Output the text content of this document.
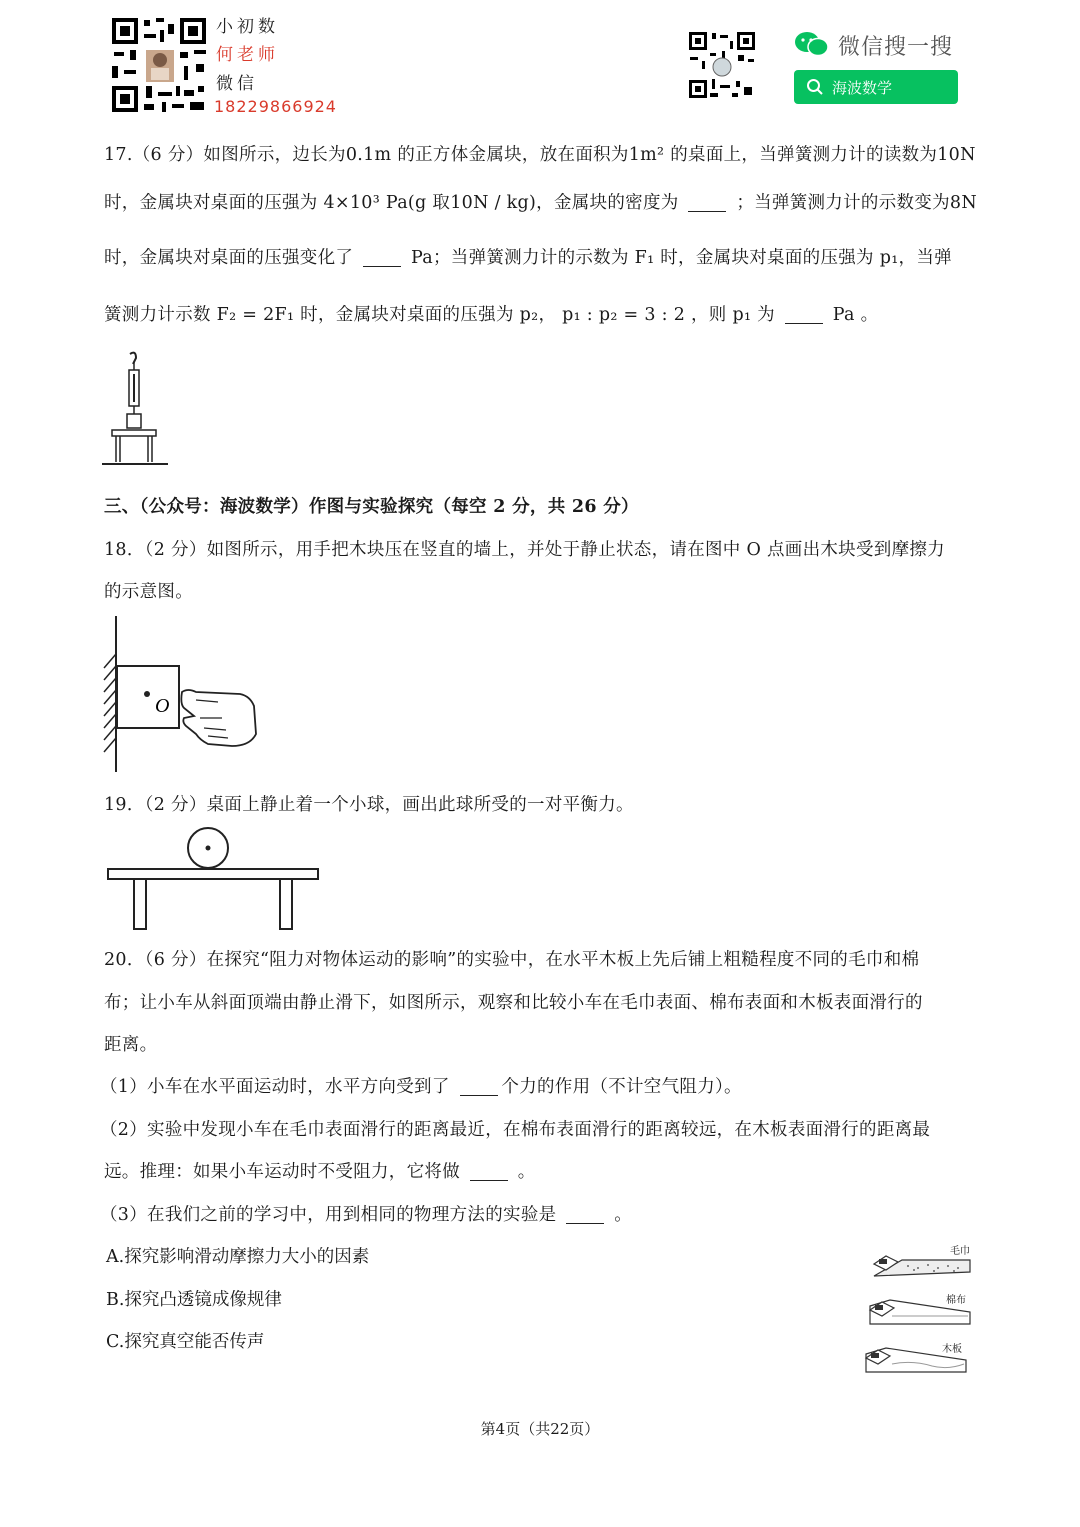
小初数
何老师
微信
18229866924
微信搜一搜
海波数学
17.（6 分）如图所示，边长为0.1m 的正方体金属块，放在面积为1m² 的桌面上，当弹簧测力计的读数为10N
时，金属块对桌面的压强为 4×10³ Pa(g 取10N / kg)，金属块的密度为	；当弹簧测力计的示数变为8N
时，金属块对桌面的压强变化了	Pa；当弹簧测力计的示数为 F₁ 时，金属块对桌面的压强为 p₁，当弹
簧测力计示数 F₂ = 2F₁ 时，金属块对桌面的压强为 p₂， p₁ : p₂ = 3 : 2 ，则 p₁ 为	Pa 。
三、（公众号：海波数学）作图与实验探究（每空 2 分，共 26 分）
18．（2 分）如图所示，用手把木块压在竖直的墙上，并处于静止状态，请在图中 O 点画出木块受到摩擦力
的示意图。
O
19．（2 分）桌面上静止着一个小球，画出此球所受的一对平衡力。
20．（6 分）在探究“阻力对物体运动的影响”的实验中，在水平木板上先后铺上粗糙程度不同的毛巾和棉
布；让小车从斜面顶端由静止滑下，如图所示，观察和比较小车在毛巾表面、棉布表面和木板表面滑行的
距离。
（1）小车在水平面运动时，水平方向受到了	个力的作用（不计空气阻力）。
（2）实验中发现小车在毛巾表面滑行的距离最近，在棉布表面滑行的距离较远，在木板表面滑行的距离最
远。推理：如果小车运动时不受阻力，它将做	。
（3）在我们之前的学习中，用到相同的物理方法的实验是	。
A.探究影响滑动摩擦力大小的因素
B.探究凸透镜成像规律
C.探究真空能否传声
毛巾
棉布
木板
第4页（共22页）
